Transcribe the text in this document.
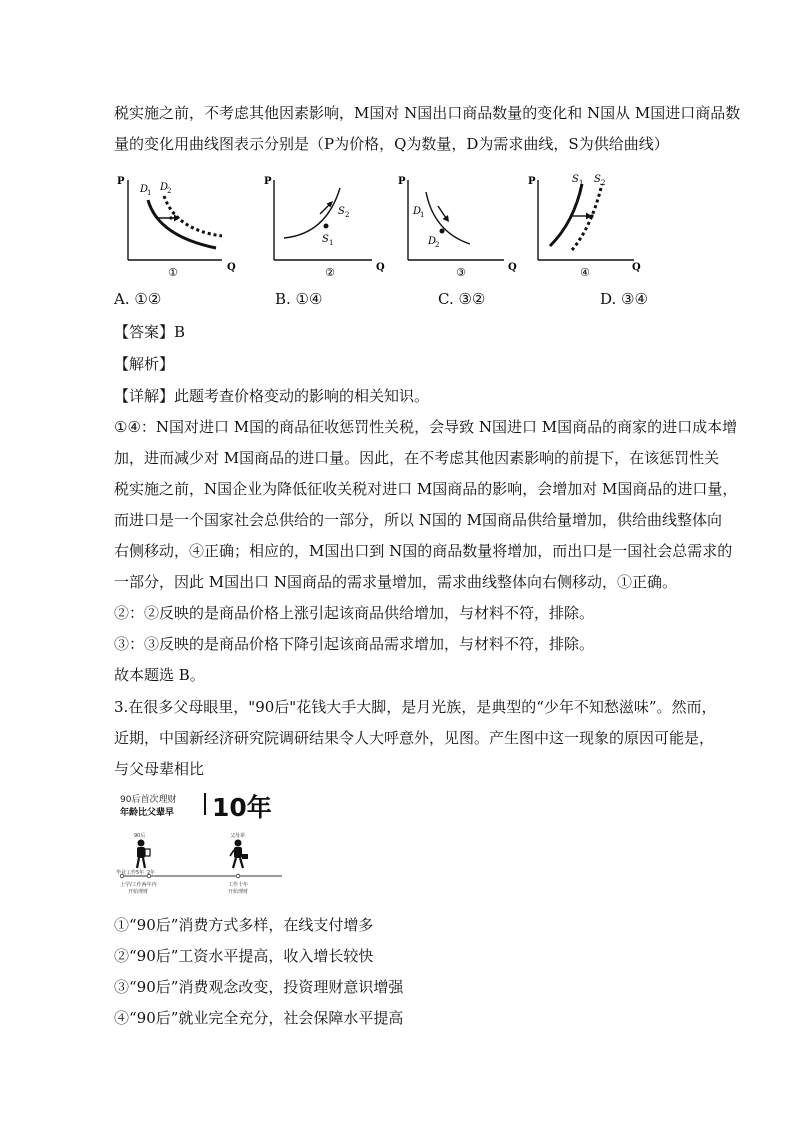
税实施之前，不考虑其他因素影响，M国对 N国出口商品数量的变化和 N国从 M国进口商品数
量的变化用曲线图表示分别是（P为价格，Q为数量，D为需求曲线，S为供给曲线）
P
Q
D
1 D
2
①
P
Q
S 2
S 1
②
P
Q
D
1
D
2
③
P
Q
S 1 S 2
④
A. ①②	B. ①④	C. ③②	D. ③④
【答案】B
【解析】
【详解】此题考查价格变动的影响的相关知识。
①④：N国对进口 M国的商品征收惩罚性关税，会导致 N国进口 M国商品的商家的进口成本增
加，进而减少对 M国商品的进口量。因此，在不考虑其他因素影响的前提下，在该惩罚性关
税实施之前，N国企业为降低征收关税对进口 M国商品的影响，会增加对 M国商品的进口量，
而进口是一个国家社会总供给的一部分，所以 N国的 M国商品供给量增加，供给曲线整体向
右侧移动，④正确；相应的，M国出口到 N国的商品数量将增加，而出口是一国社会总需求的
一部分，因此 M国出口 N国商品的需求量增加，需求曲线整体向右侧移动，①正确。
②：②反映的是商品价格上涨引起该商品供给增加，与材料不符，排除。
③：③反映的是商品价格下降引起该商品需求增加，与材料不符，排除。
故本题选 B。
3.在很多父母眼里，"90后"花钱大手大脚，是月光族，是典型的“少年不知愁滋味”。然而，
近期，中国新经济研究院调研结果令人大呼意外，见图。产生图中这一现象的原因可能是，
与父母辈相比
90后首次理财
年龄比父辈早 10年
90后	父母辈
毕业工作5年 2年
上学/工作两年内
开始理财
工作十年
开始理财
①“90后”消费方式多样，在线支付增多
②“90后”工资水平提高，收入增长较快
③“90后”消费观念改变，投资理财意识增强
④“90后”就业完全充分，社会保障水平提高
